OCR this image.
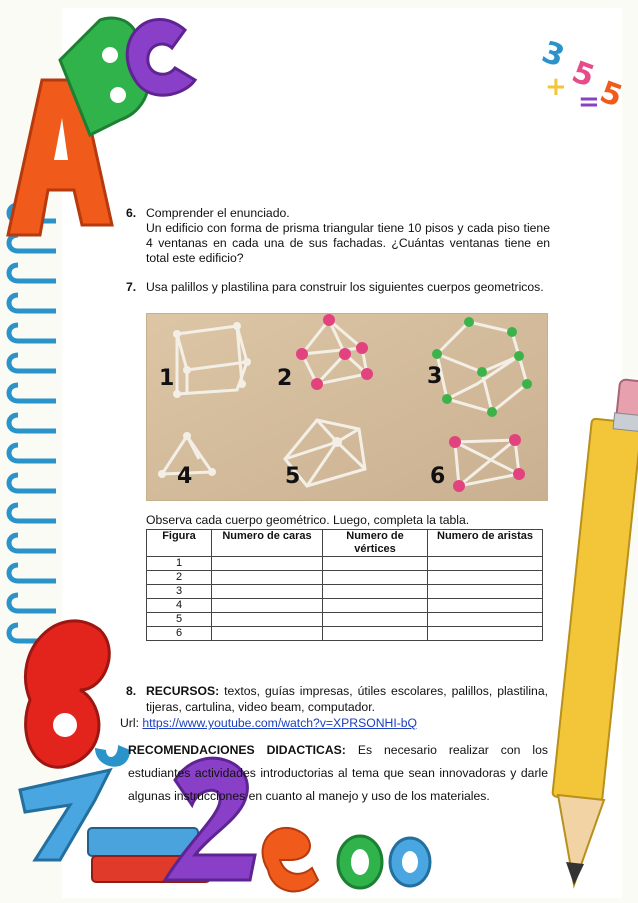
3
+ 5
=
5
6. Comprender el enunciado.
Un edificio con forma de prisma triangular tiene 10 pisos y cada piso tiene 4 ventanas en cada una de sus fachadas. ¿Cuántas ventanas tiene en total este edificio?
7. Usa palillos y plastilina para construir los siguientes cuerpos geometricos.
1	2	3
4	5	6
Observa cada cuerpo geométrico. Luego, completa la tabla.
Figura	Numero de caras	Numero de vértices	Numero de aristas
1			
2			
3			
4			
5			
6			
8. RECURSOS: textos, guías impresas, útiles escolares, palillos, plastilina, tijeras, cartulina, video beam, computador.
Url: https://www.youtube.com/watch?v=XPRSONHI-bQ
RECOMENDACIONES DIDACTICAS: Es necesario realizar con los estudiantes actividades introductorias al tema que sean innovadoras y darle algunas instrucciones en cuanto al manejo y uso de los materiales.
